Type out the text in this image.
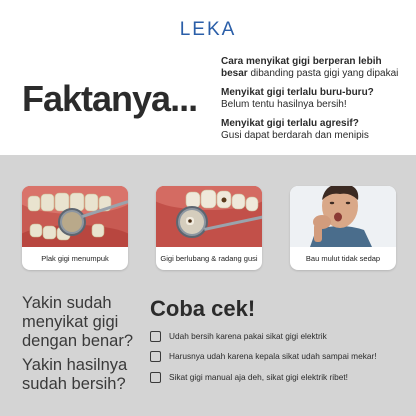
LEKA
Faktanya...
Cara menyikat gigi berperan lebih besar dibanding pasta gigi yang dipakai
Menyikat gigi terlalu buru-buru?
Belum tentu hasilnya bersih!
Menyikat gigi terlalu agresif?
Gusi dapat berdarah dan menipis
Plak gigi menumpuk	Gigi berlubang & radang gusi	Bau mulut tidak sedap
Yakin sudah menyikat gigi dengan benar?
Yakin hasilnya sudah bersih?
Coba cek!
Udah bersih karena pakai sikat gigi elektrik
Harusnya udah karena kepala sikat udah sampai mekar!
Sikat gigi manual aja deh, sikat gigi elektrik ribet!
